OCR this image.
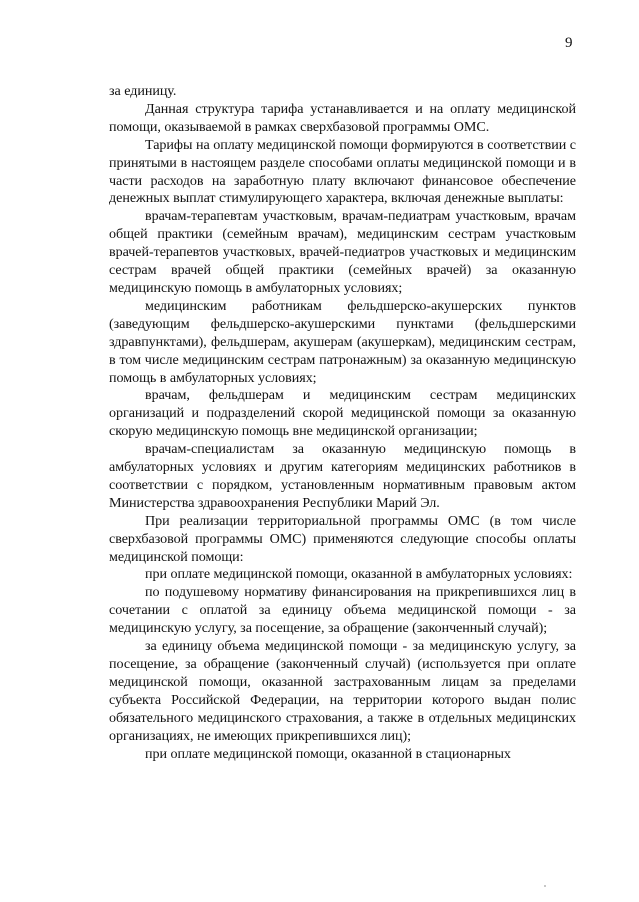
9

за единицу.

Данная структура тарифа устанавливается и на оплату медицинской помощи, оказываемой в рамках сверхбазовой программы ОМС.

Тарифы на оплату медицинской помощи формируются в соответствии с принятыми в настоящем разделе способами оплаты медицинской помощи и в части расходов на заработную плату включают финансовое обеспечение денежных выплат стимулирующего характера, включая денежные выплаты:

врачам-терапевтам участковым, врачам-педиатрам участковым, врачам общей практики (семейным врачам), медицинским сестрам участковым врачей-терапевтов участковых, врачей-педиатров участковых и медицинским сестрам врачей общей практики (семейных врачей) за оказанную медицинскую помощь в амбулаторных условиях;

медицинским работникам фельдшерско-акушерских пунктов (заведующим фельдшерско-акушерскими пунктами (фельдшерскими здравпунктами), фельдшерам, акушерам (акушеркам), медицинским сестрам, в том числе медицинским сестрам патронажным) за оказанную медицинскую помощь в амбулаторных условиях;

врачам, фельдшерам и медицинским сестрам медицинских организаций и подразделений скорой медицинской помощи за оказанную скорую медицинскую помощь вне медицинской организации;

врачам-специалистам за оказанную медицинскую помощь в амбулаторных условиях и другим категориям медицинских работников в соответствии с порядком, установленным нормативным правовым актом Министерства здравоохранения Республики Марий Эл.

При реализации территориальной программы ОМС (в том числе сверхбазовой программы ОМС) применяются следующие способы оплаты медицинской помощи:

при оплате медицинской помощи, оказанной в амбулаторных условиях:

по подушевому нормативу финансирования на прикрепившихся лиц в сочетании с оплатой за единицу объема медицинской помощи - за медицинскую услугу, за посещение, за обращение (законченный случай);

за единицу объема медицинской помощи - за медицинскую услугу, за посещение, за обращение (законченный случай) (используется при оплате медицинской помощи, оказанной застрахованным лицам за пределами субъекта Российской Федерации, на территории которого выдан полис обязательного медицинского страхования, а также в отдельных медицинских организациях, не имеющих прикрепившихся лиц);

при оплате медицинской помощи, оказанной в стационарных
